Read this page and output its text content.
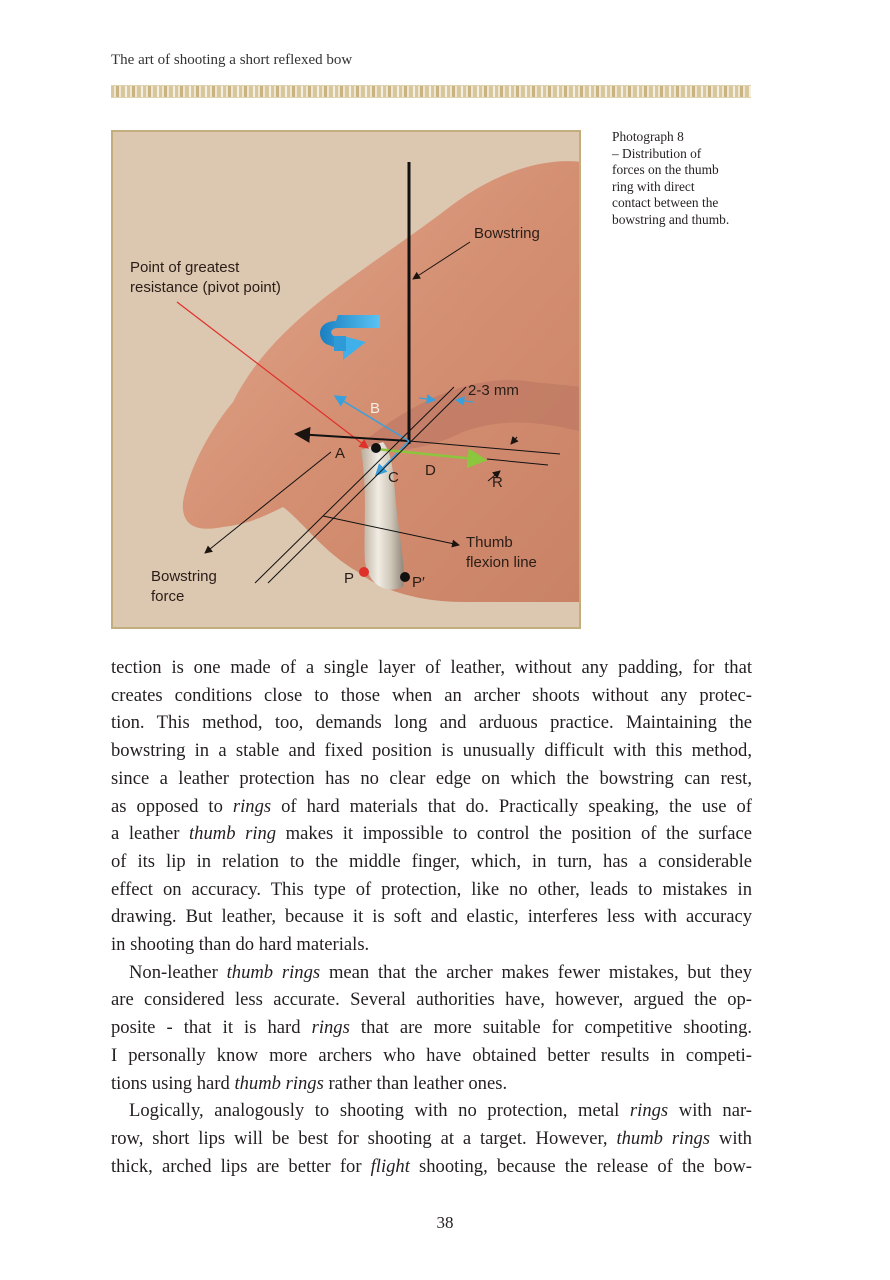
The art of shooting a short reflexed bow
Bowstring
Point of greatest
resistance (pivot point)
2-3 mm
B
A
C D
R
Thumb
flexion line
Bowstring
force
P	P′
Photograph 8
– Distribution of
forces on the thumb
ring with direct
contact between the
bowstring and thumb.
tection is one made of a single layer of leather, without any padding, for that
creates conditions close to those when an archer shoots without any protec-
tion. This method, too, demands long and arduous practice. Maintaining the
bowstring in a stable and fixed position is unusually difficult with this method,
since a leather protection has no clear edge on which the bowstring can rest,
as opposed to rings of hard materials that do. Practically speaking, the use of
a leather thumb ring makes it impossible to control the position of the surface
of its lip in relation to the middle finger, which, in turn, has a considerable
effect on accuracy. This type of protection, like no other, leads to mistakes in
drawing. But leather, because it is soft and elastic, interferes less with accuracy
in shooting than do hard materials.
Non-leather thumb rings mean that the archer makes fewer mistakes, but they
are considered less accurate. Several authorities have, however, argued the op-
posite - that it is hard rings that are more suitable for competitive shooting.
I personally know more archers who have obtained better results in competi-
tions using hard thumb rings rather than leather ones.
Logically, analogously to shooting with no protection, metal rings with nar-
row, short lips will be best for shooting at a target. However, thumb rings with
thick, arched lips are better for flight shooting, because the release of the bow-
38
